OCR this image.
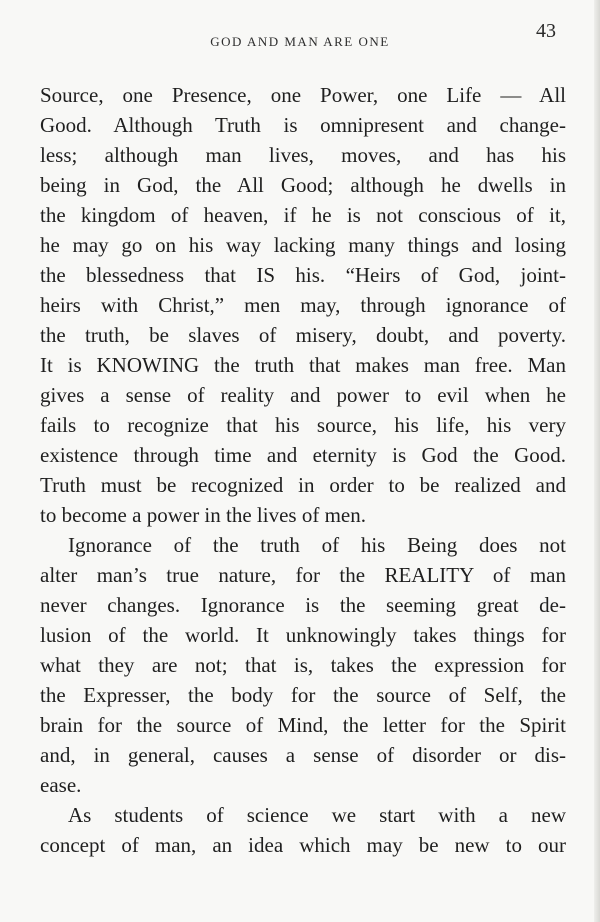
GOD AND MAN ARE ONE	43
Source, one Presence, one Power, one Life — All
Good. Although Truth is omnipresent and change-
less; although man lives, moves, and has his
being in God, the All Good; although he dwells in
the kingdom of heaven, if he is not conscious of it,
he may go on his way lacking many things and losing
the blessedness that IS his. “Heirs of God, joint-
heirs with Christ,” men may, through ignorance of
the truth, be slaves of misery, doubt, and poverty.
It is KNOWING the truth that makes man free. Man
gives a sense of reality and power to evil when he
fails to recognize that his source, his life, his very
existence through time and eternity is God the Good.
Truth must be recognized in order to be realized and
to become a power in the lives of men.
Ignorance of the truth of his Being does not
alter man’s true nature, for the REALITY of man
never changes. Ignorance is the seeming great de-
lusion of the world. It unknowingly takes things for
what they are not; that is, takes the expression for
the Expresser, the body for the source of Self, the
brain for the source of Mind, the letter for the Spirit
and, in general, causes a sense of disorder or dis-
ease.
As students of science we start with a new
concept of man, an idea which may be new to our
